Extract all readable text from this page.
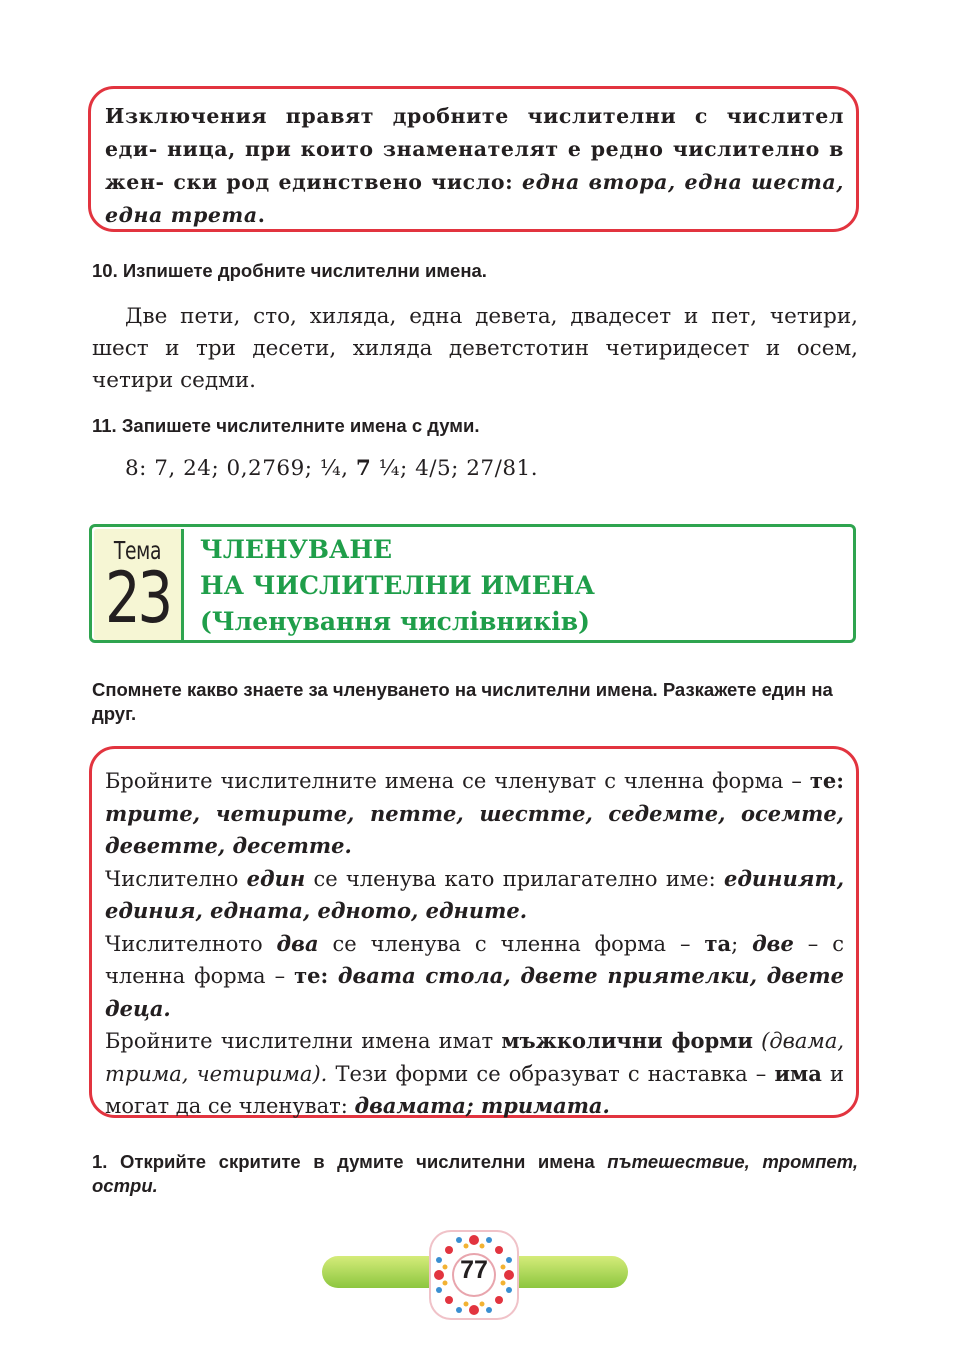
Изключения правят дробните числителни с числител еди- ница, при които знаменателят е редно числително в жен- ски род единствено число: една втора, една шеста, една трета.

10. Изпишете дробните числителни имена.
Две пети, сто, хиляда, една девета, двадесет и пет, четири, шест и три десети, хиляда деветстотин четиридесет и осем, четири седми.
11. Запишете числителните имена с думи.
8: 7, 24; 0,2769; ¼, 7 ¼; 4/5; 27/81.
Тема
23
ЧЛЕНУВАНЕ
НА ЧИСЛИТЕЛНИ ИМЕНА
(Членування числівників)
Спомнете какво знаете за членуването на числителни имена. Разкажете един на друг.

Бройните числителните имена се членуват с членна форма – те: трите, четирите, петте, шестте, седемте, осемте, деветте, десетте.

Числително един се членува като прилагателно име: единият, единия, едната, едното, едните.

Числителното два се членува с членна форма – та; две – с членна форма – те: двата стола, двете приятелки, двете деца.

Бройните числителни имена имат мъжколични форми (двама, трима, четирима). Тези форми се образуват с наставка – има и могат да се членуват: двамата; тримата.

1. Открийте скритите в думите числителни имена пътешествие, тромпет, остри.
77
